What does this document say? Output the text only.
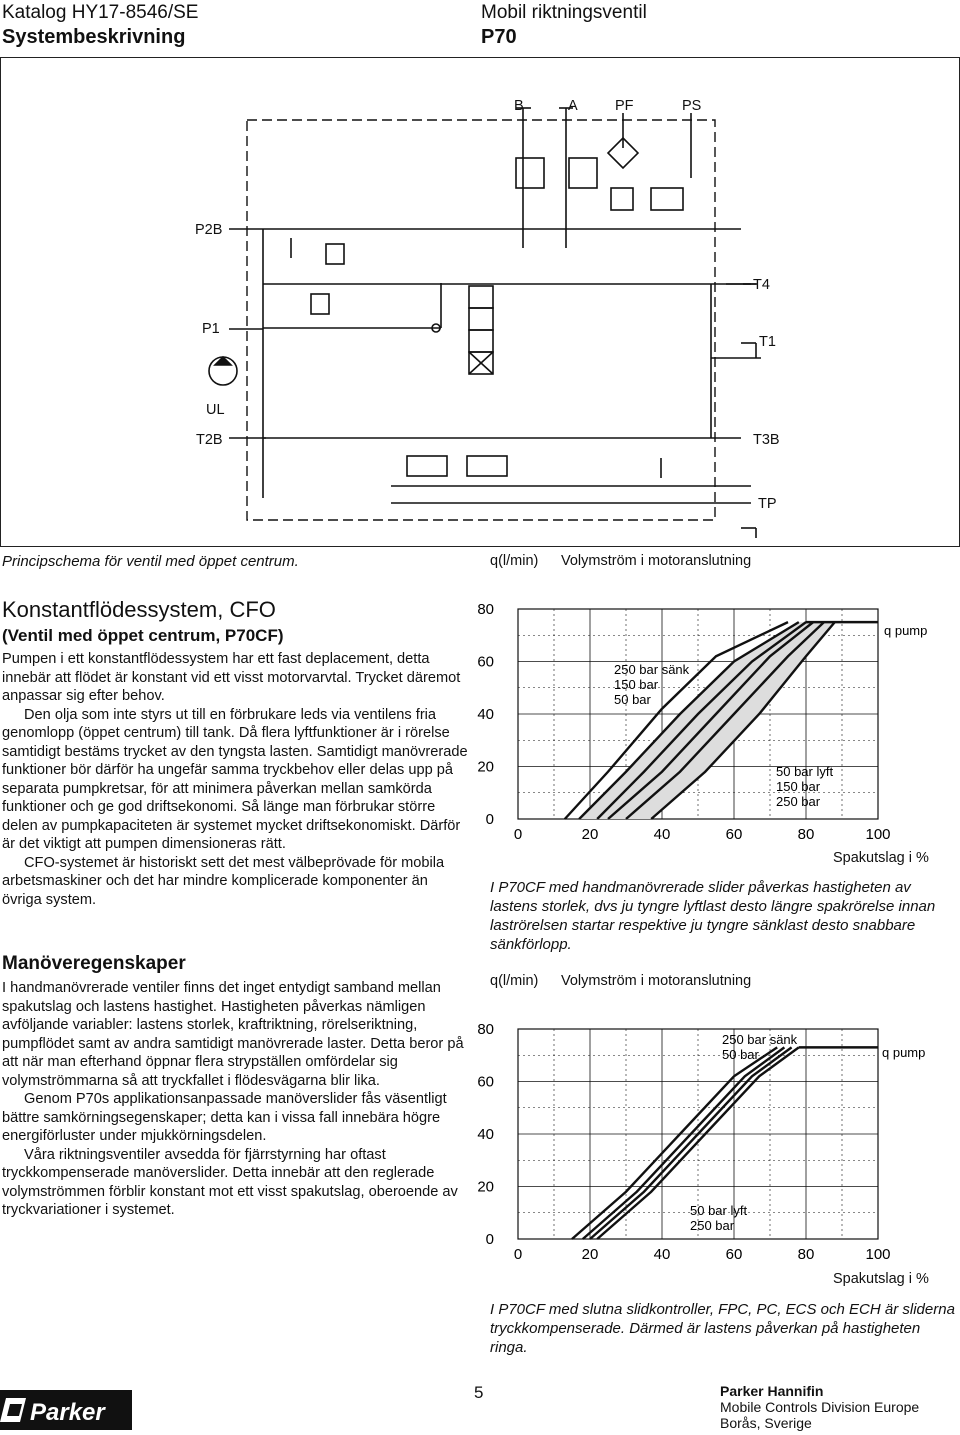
Katalog HY17-8546/SE
Systembeskrivning
Mobil riktningsventil
P70
B	A	PF	PS
P2B
T4
P1
T1
UL
T2B	T3B
TP
Principschema för ventil med öppet centrum.
Konstantflödessystem, CFO
(Ventil med öppet centrum, P70CF)

Pumpen i ett konstantflödessystem har ett fast deplacement, detta innebär att flödet är konstant vid ett visst motorvarvtal. Trycket däremot anpassar sig efter behov.

Den olja som inte styrs ut till en förbrukare leds via ventilens fria genomlopp (öppet centrum) till tank. Då flera lyftfunktioner är i rörelse samtidigt bestäms trycket av den tyngsta lasten. Samtidigt manövrerade funktioner bör därför ha ungefär samma tryckbehov eller delas upp på separata pumpkretsar, för att minimera påverkan mellan samkörda funktioner och ge god driftsekonomi. Så länge man förbrukar större delen av pumpkapaciteten är systemet mycket driftsekonomiskt. Därför är det viktigt att pumpen dimensioneras rätt.

CFO-systemet är historiskt sett det mest välbeprövade för mobila arbetsmaskiner och det har mindre komplicerade komponenter än övriga system.

Manöveregenskaper

I handmanövrerade ventiler finns det inget entydigt samband mellan spakutslag och lastens hastighet. Hastigheten påverkas nämligen avföljande variabler: lastens storlek, kraftriktning, rörelseriktning, pumpflödet samt av andra samtidigt manövrerade laster. Detta beror på att när man efterhand öppnar flera strypställen omfördelar sig volymströmmarna så att tryckfallet i flödesvägarna blir lika.

Genom P70s applikationsanpassade manöverslider fås väsentligt bättre samkörningsegenskaper; detta kan i vissa fall innebära högre energiförluster under mjukkörningsdelen.

Våra riktningsventiler avsedda för fjärrstyrning har oftast tryckkompenserade manöverslider. Detta innebär att den reglerade volymströmmen förblir konstant mot ett visst spakutslag, oberoende av tryckvariationer i systemet.

q(l/min) Volymström i motoranslutning
0	20	40	60	80	100
0
20
40
60
80
250 bar sänk
150 bar
50 bar
50 bar lyft
150 bar
250 bar
q pump
Spakutslag i %
I P70CF med handmanövrerade slider påverkas hastigheten av lastens storlek, dvs ju tyngre lyftlast desto längre spakrörelse innan laströrelsen startar respektive ju tyngre sänklast desto snabbare sänkförlopp.
q(l/min) Volymström i motoranslutning
0	20	40	60	80	100
0
20
40
60
80
250 bar sänk
50 bar	q pump
50 bar lyft
250 bar
Spakutslag i %
I P70CF med slutna slidkontroller, FPC, PC, ECS och ECH är sliderna tryckkompenserade. Därmed är lastens påverkan på hastigheten ringa.
Parker
5	Parker Hannifin
Mobile Controls Division Europe
Borås, Sverige
